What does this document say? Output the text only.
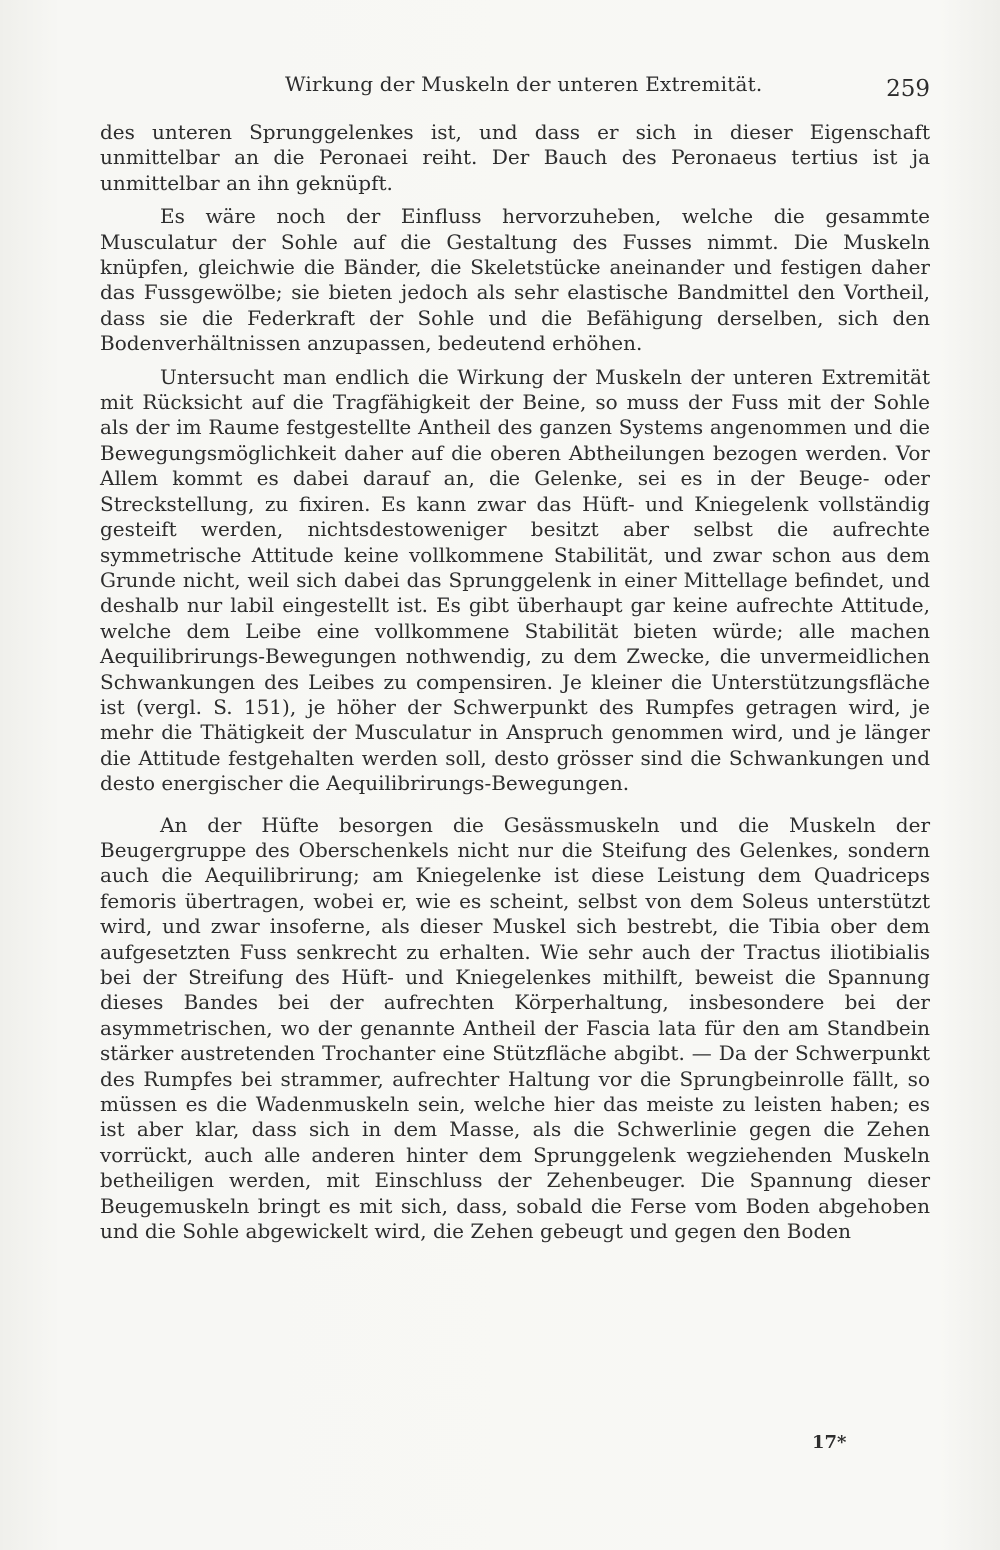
Wirkung der Muskeln der unteren Extremität.	259

des unteren Sprunggelenkes ist, und dass er sich in dieser Eigenschaft unmittelbar an die Peronaei reiht. Der Bauch des Peronaeus tertius ist ja unmittelbar an ihn geknüpft.

Es wäre noch der Einfluss hervorzuheben, welche die gesammte Musculatur der Sohle auf die Gestaltung des Fusses nimmt. Die Muskeln knüpfen, gleichwie die Bänder, die Skeletstücke aneinander und festigen daher das Fussgewölbe; sie bieten jedoch als sehr elastische Bandmittel den Vortheil, dass sie die Federkraft der Sohle und die Befähigung derselben, sich den Bodenverhältnissen anzupassen, bedeutend erhöhen.

Untersucht man endlich die Wirkung der Muskeln der unteren Extremität mit Rücksicht auf die Tragfähigkeit der Beine, so muss der Fuss mit der Sohle als der im Raume festgestellte Antheil des ganzen Systems angenommen und die Bewegungsmöglichkeit daher auf die oberen Abtheilungen bezogen werden. Vor Allem kommt es dabei darauf an, die Gelenke, sei es in der Beuge- oder Streckstellung, zu fixiren. Es kann zwar das Hüft- und Kniegelenk vollständig gesteift werden, nichtsdestoweniger besitzt aber selbst die aufrechte symmetrische Attitude keine vollkommene Stabilität, und zwar schon aus dem Grunde nicht, weil sich dabei das Sprunggelenk in einer Mittellage befindet, und deshalb nur labil eingestellt ist. Es gibt überhaupt gar keine aufrechte Attitude, welche dem Leibe eine vollkommene Stabilität bieten würde; alle machen Aequilibrirungs-Bewegungen nothwendig, zu dem Zwecke, die unvermeidlichen Schwankungen des Leibes zu compensiren. Je kleiner die Unterstützungsfläche ist (vergl. S. 151), je höher der Schwerpunkt des Rumpfes getragen wird, je mehr die Thätigkeit der Musculatur in Anspruch genommen wird, und je länger die Attitude festgehalten werden soll, desto grösser sind die Schwankungen und desto energischer die Aequilibrirungs-Bewegungen.

An der Hüfte besorgen die Gesässmuskeln und die Muskeln der Beugergruppe des Oberschenkels nicht nur die Steifung des Gelenkes, sondern auch die Aequilibrirung; am Kniegelenke ist diese Leistung dem Quadriceps femoris übertragen, wobei er, wie es scheint, selbst von dem Soleus unterstützt wird, und zwar insoferne, als dieser Muskel sich bestrebt, die Tibia ober dem aufgesetzten Fuss senkrecht zu erhalten. Wie sehr auch der Tractus iliotibialis bei der Streifung des Hüft- und Kniegelenkes mithilft, beweist die Spannung dieses Bandes bei der aufrechten Körperhaltung, insbesondere bei der asymmetrischen, wo der genannte Antheil der Fascia lata für den am Standbein stärker austretenden Trochanter eine Stützfläche abgibt. — Da der Schwerpunkt des Rumpfes bei strammer, aufrechter Haltung vor die Sprungbeinrolle fällt, so müssen es die Wadenmuskeln sein, welche hier das meiste zu leisten haben; es ist aber klar, dass sich in dem Masse, als die Schwerlinie gegen die Zehen vorrückt, auch alle anderen hinter dem Sprunggelenk wegziehenden Muskeln betheiligen werden, mit Einschluss der Zehenbeuger. Die Spannung dieser Beugemuskeln bringt es mit sich, dass, sobald die Ferse vom Boden abgehoben und die Sohle abgewickelt wird, die Zehen gebeugt und gegen den Boden

17*
